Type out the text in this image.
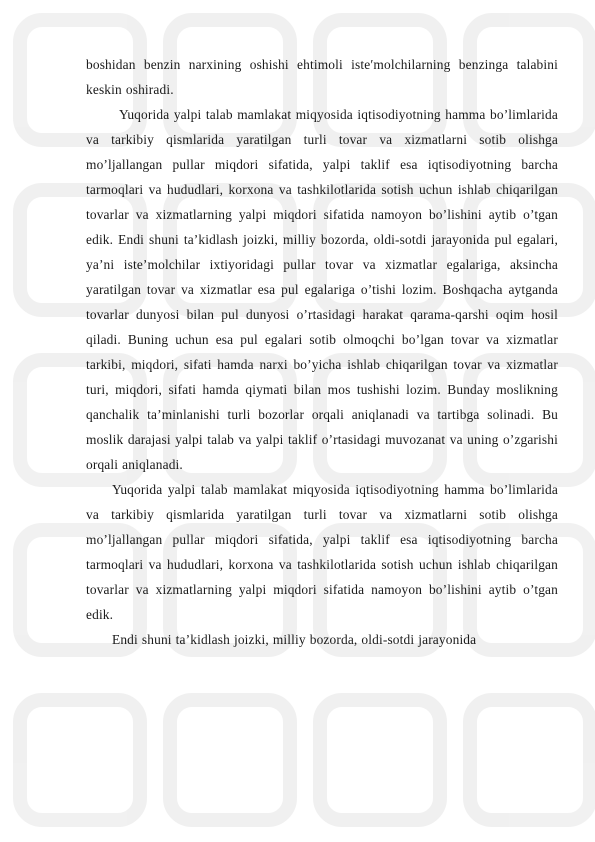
boshidan benzin narxining oshishi ehtimoli iste′molchilarning benzinga talabini keskin oshiradi.

Yuqorida yalpi talab mamlakat miqyosida iqtisodiyotning hamma bo’limlarida va tarkibiy qismlarida yaratilgan turli tovar va xizmatlarni sotib olishga mo’ljallangan pullar miqdori sifatida, yalpi taklif esa iqtisodiyotning barcha tarmoqlari va hududlari, korxona va tashkilotlarida sotish uchun ishlab chiqarilgan tovarlar va xizmatlarning yalpi miqdori sifatida namoyon bo’lishini aytib o’tgan edik. Endi shuni ta’kidlash joizki, milliy bozorda, oldi-sotdi jarayonida pul egalari, ya’ni iste’molchilar ixtiyoridagi pullar tovar va xizmatlar egalariga, aksincha yaratilgan tovar va xizmatlar esa pul egalariga o’tishi lozim. Boshqacha aytganda tovarlar dunyosi bilan pul dunyosi o’rtasidagi harakat qarama-qarshi oqim hosil qiladi. Buning uchun esa pul egalari sotib olmoqchi bo’lgan tovar va xizmatlar tarkibi, miqdori, sifati hamda narxi bo’yicha ishlab chiqarilgan tovar va xizmatlar turi, miqdori, sifati hamda qiymati bilan mos tushishi lozim. Bunday moslikning qanchalik ta’minlanishi turli bozorlar orqali aniqlanadi va tartibga solinadi. Bu moslik darajasi yalpi talab va yalpi taklif o’rtasidagi muvozanat va uning o’zgarishi orqali aniqlanadi.

Yuqorida yalpi talab mamlakat miqyosida iqtisodiyotning hamma bo’limlarida va tarkibiy qismlarida yaratilgan turli tovar va xizmatlarni sotib olishga mo’ljallangan pullar miqdori sifatida, yalpi taklif esa iqtisodiyotning barcha tarmoqlari va hududlari, korxona va tashkilotlarida sotish uchun ishlab chiqarilgan tovarlar va xizmatlarning yalpi miqdori sifatida namoyon bo’lishini aytib o’tgan edik.

Endi shuni ta’kidlash joizki, milliy bozorda, oldi-sotdi jarayonida
